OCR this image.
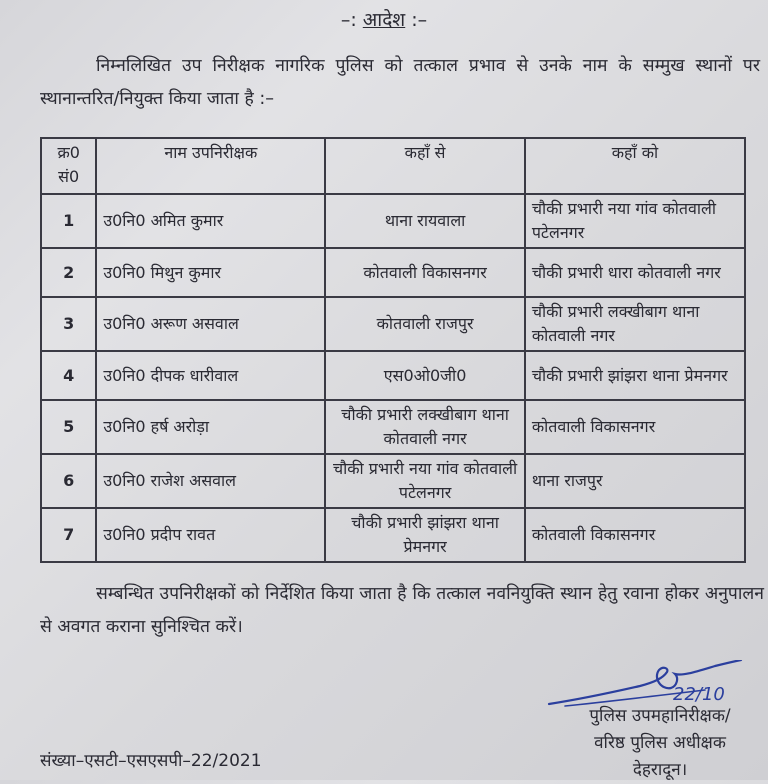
–: आदेश :–
निम्नलिखित उप निरीक्षक नागरिक पुलिस को तत्काल प्रभाव से उनके नाम के सम्मुख स्थानों पर स्थानान्तरित/नियुक्त किया जाता है :–
क्र0 सं0	नाम उपनिरीक्षक	कहाँ से	कहाँ को
1	उ0नि0 अमित कुमार	थाना रायवाला	चौकी प्रभारी नया गांव कोतवाली पटेलनगर
2	उ0नि0 मिथुन कुमार	कोतवाली विकासनगर	चौकी प्रभारी धारा कोतवाली नगर
3	उ0नि0 अरूण असवाल	कोतवाली राजपुर	चौकी प्रभारी लक्खीबाग थाना कोतवाली नगर
4	उ0नि0 दीपक धारीवाल	एस0ओ0जी0	चौकी प्रभारी झांझरा थाना प्रेमनगर
5	उ0नि0 हर्ष अरोड़ा	चौकी प्रभारी लक्खीबाग थाना कोतवाली नगर	कोतवाली विकासनगर
6	उ0नि0 राजेश असवाल	चौकी प्रभारी नया गांव कोतवाली पटेलनगर	थाना राजपुर
7	उ0नि0 प्रदीप रावत	चौकी प्रभारी झांझरा थाना प्रेमनगर	कोतवाली विकासनगर
सम्बन्धित उपनिरीक्षकों को निर्देशित किया जाता है कि तत्काल नवनियुक्ति स्थान हेतु रवाना होकर अनुपालन से अवगत कराना सुनिश्चित करें।
22/10
पुलिस उपमहानिरीक्षक/
वरिष्ठ पुलिस अधीक्षक
देहरादून।
संख्या–एसटी–एसएसपी–22/2021
